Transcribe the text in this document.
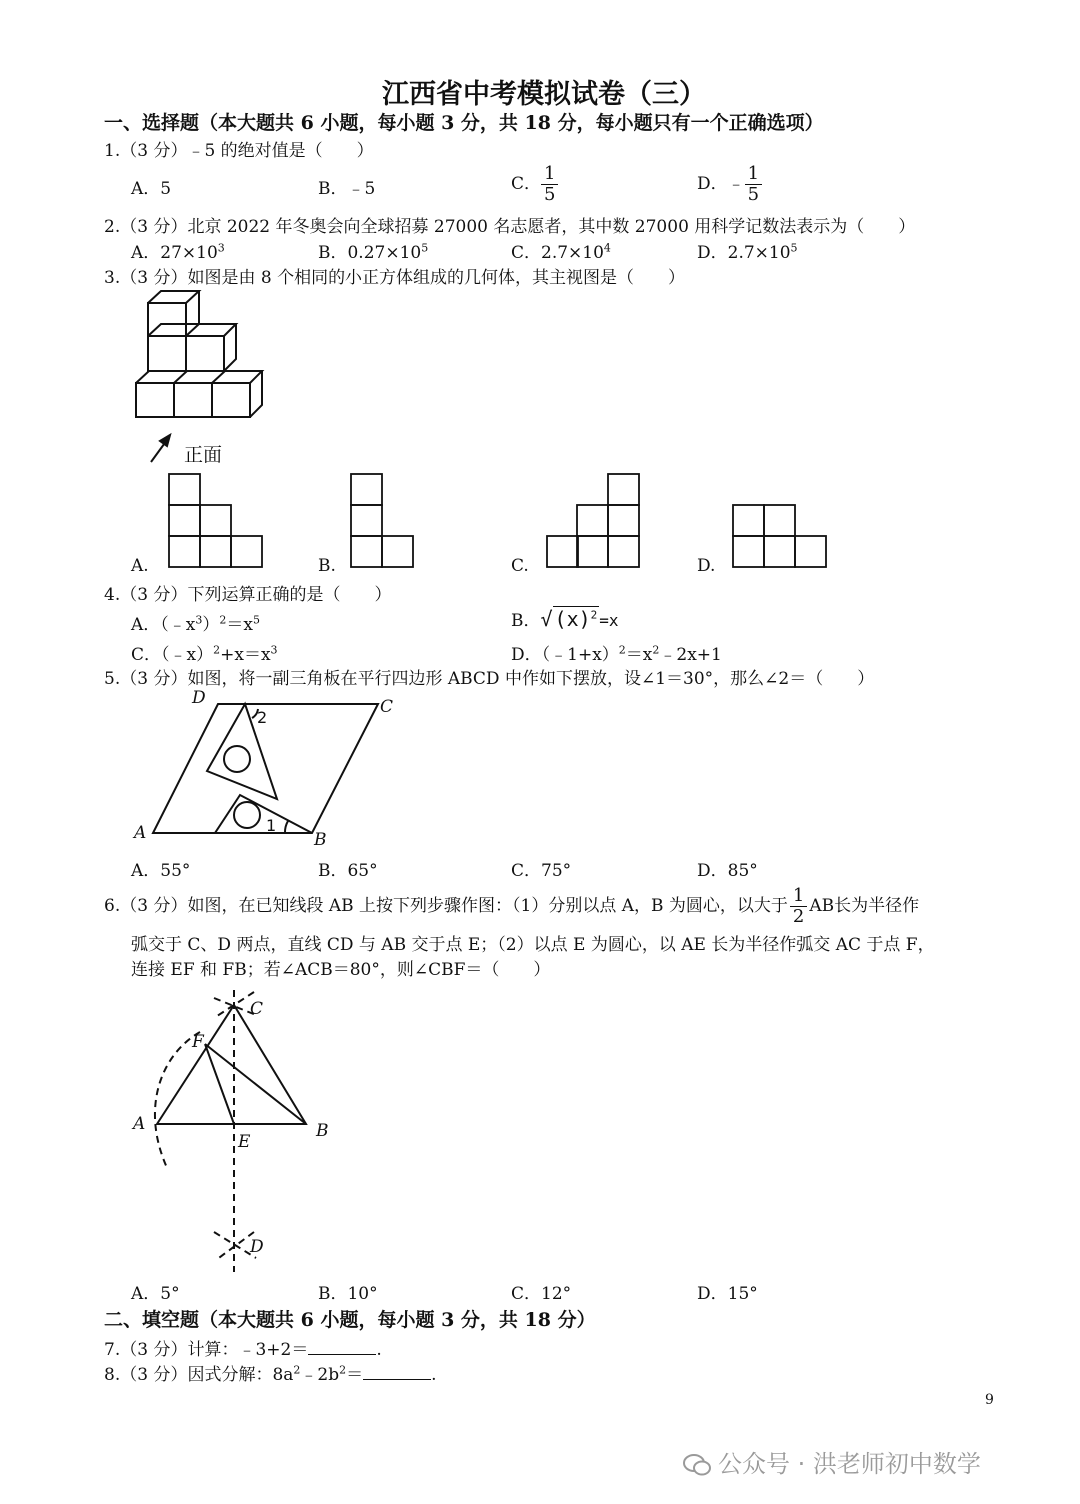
江西省中考模拟试卷（三）
一、选择题（本大题共 6 小题，每小题 3 分，共 18 分，每小题只有一个正确选项）
1.（3 分）﹣5 的绝对值是（　　）
A．5	B．﹣5	C． $\frac{1}{5}$	D．﹣ $\frac{1}{5}$
2.（3 分）北京 2022 年冬奥会向全球招募 27000 名志愿者，其中数 27000 用科学记数法表示为（　　）
A．$27\times 10^3$	B．$0.27\times 10^5$	C．$2.7\times 10^4$	D．$2.7\times 10^5$
3.（3 分）如图是由 8 个相同的小正方体组成的几何体，其主视图是（　　）
正面
A.	B.	C.	D.
4.（3 分）下列运算正确的是（　　）
A．$(﹣x^3)^2=x^5$	B．√ $(x)^2 =x$
C．$(﹣x)^2+x=x^3$	D．$(﹣1+x)^2=x^2﹣2x+1$
5.（3 分）如图，将一副三角板在平行四边形 ABCD 中作如下摆放，设∠1＝30°，那么∠2＝（　　）
D	C
A	B
1
2
A．55°	B．65°	C．75°	D．85°
6.（3 分）如图，在已知线段 AB 上按下列步骤作图：（1）分别以点 A，B 为圆心，以大于 $\frac{1}{2}$ AB长为半径作
弧交于 C、D 两点，直线 CD 与 AB 交于点 E；（2）以点 E 为圆心，以 AE 长为半径作弧交 AC 于点 F，
连接 EF 和 FB；若∠ACB＝80°，则∠CBF＝（　　）
C
F
A	B
E
D
A．5°	B．10°	C．12°	D．15°
二、填空题（本大题共 6 小题，每小题 3 分，共 18 分）
7.（3 分）计算：﹣3+2＝	.
8.（3 分）因式分解：$8a^2﹣2b^2=$	.
9
公众号 · 洪老师初中数学
